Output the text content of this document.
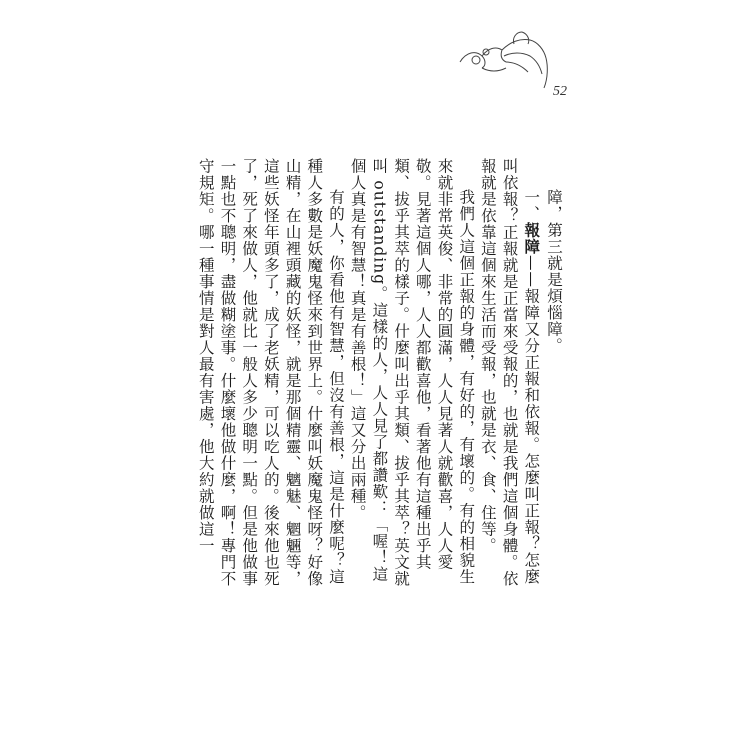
52

障，第三就是煩惱障。

一、報障——報障又分正報和依報。怎麼叫正報？怎麼叫依報？正報就是正當來受報的，也就是我們這個身體。依報就是依靠這個來生活而受報，也就是衣、食、住等。

我們人這個正報的身體，有好的，有壞的。有的相貌生來就非常英俊、非常的圓滿，人人見著人就歡喜，人人愛敬。見著這個人哪，人人都歡喜他，看著他有這種出乎其類、拔乎其萃的樣子。什麼叫出乎其類、拔乎其萃？英文就叫 outstanding。這樣的人，人人見了都讚歎：「喔！這個人真是有智慧！真是有善根！」這又分出兩種。

有的人，你看他有智慧，但沒有善根，這是什麼呢？這種人多數是妖魔鬼怪來到世界上。什麼叫妖魔鬼怪呀？好像山精，在山裡頭藏的妖怪，就是那個精靈、魑魅、魍魎等，這些妖怪年頭多了，成了老妖精，可以吃人的。後來他也死了，死了來做人，他就比一般人多少聰明一點。但是他做事一點也不聰明，盡做糊塗事。什麼壞他做什麼，啊！專門不守規矩。哪一種事情是對人最有害處，他大約就做這一
